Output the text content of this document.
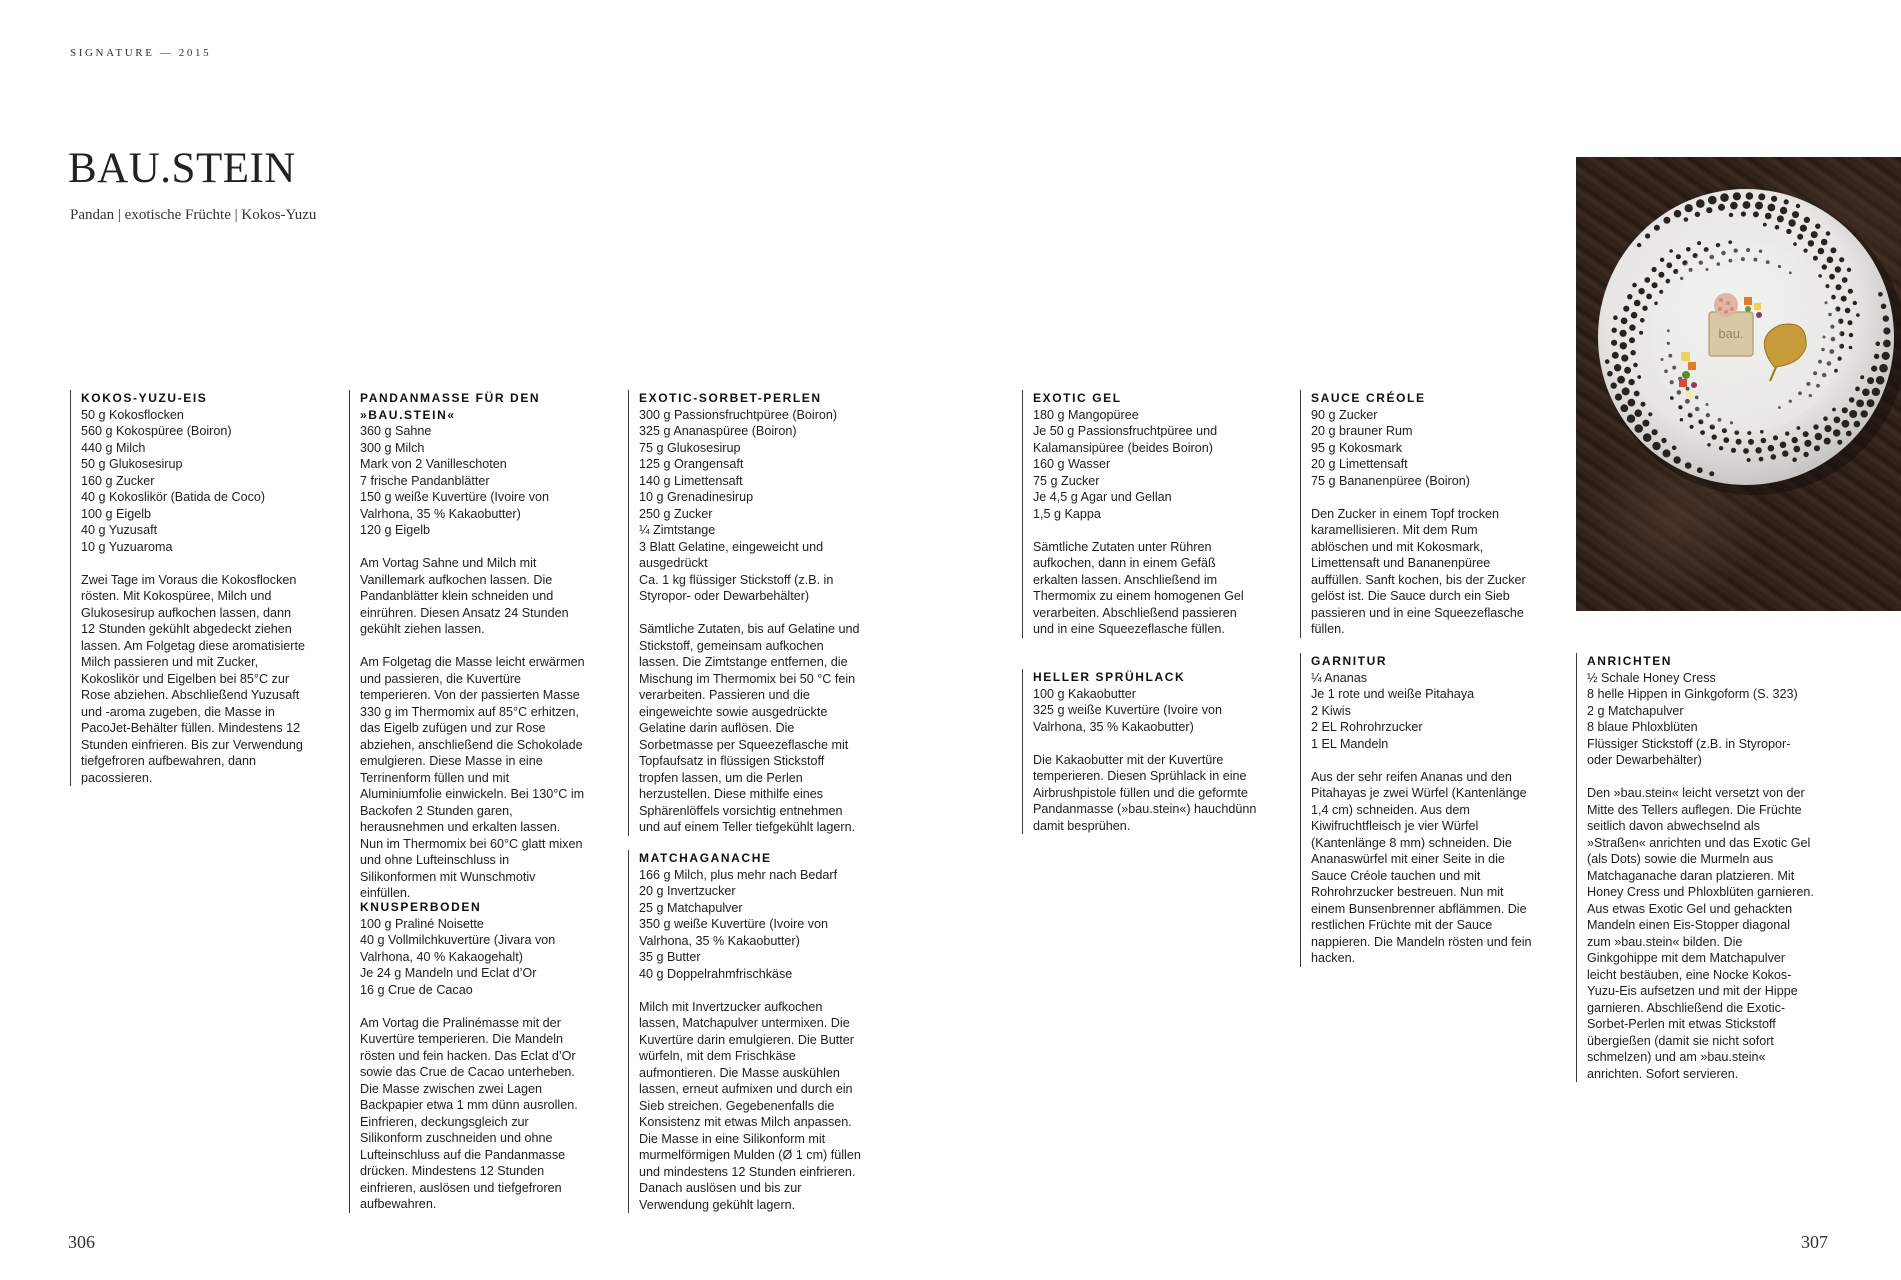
SIGNATURE — 2015
BAU.STEIN
Pandan | exotische Früchte | Kokos-Yuzu
KOKOS-YUZU-EIS
50 g Kokosflocken
560 g Kokospüree (Boiron)
440 g Milch
50 g Glukosesirup
160 g Zucker
40 g Kokoslikör (Batida de Coco)
100 g Eigelb
40 g Yuzusaft
10 g Yuzuaroma
Zwei Tage im Voraus die Kokosflocken rösten. Mit Kokospüree, Milch und Glukosesirup aufkochen lassen, dann 12 Stunden gekühlt abgedeckt ziehen lassen. Am Folgetag diese aromatisierte Milch passieren und mit Zucker, Kokoslikör und Eigelben bei 85°C zur Rose abziehen. Abschließend Yuzusaft und -aroma zugeben, die Masse in PacoJet-Behälter füllen. Mindestens 12 Stunden einfrieren. Bis zur Verwendung tiefgefroren aufbewahren, dann pacossieren.
PANDANMASSE FÜR DEN »BAU.STEIN«
360 g Sahne
300 g Milch
Mark von 2 Vanilleschoten
7 frische Pandanblätter
150 g weiße Kuvertüre (Ivoire von Valrhona, 35 % Kakaobutter)
120 g Eigelb
Am Vortag Sahne und Milch mit Vanillemark aufkochen lassen. Die Pandanblätter klein schneiden und einrühren. Diesen Ansatz 24 Stunden gekühlt ziehen lassen.
Am Folgetag die Masse leicht erwärmen und passieren, die Kuvertüre temperieren. Von der passierten Masse 330 g im Thermomix auf 85°C erhitzen, das Eigelb zufügen und zur Rose abziehen, anschließend die Schokolade emulgieren. Diese Masse in eine Terrinenform füllen und mit Aluminiumfolie einwickeln. Bei 130°C im Backofen 2 Stunden garen, herausnehmen und erkalten lassen. Nun im Thermomix bei 60°C glatt mixen und ohne Lufteinschluss in Silikonformen mit Wunschmotiv einfüllen.
KNUSPERBODEN
100 g Praliné Noisette
40 g Vollmilchkuvertüre (Jivara von Valrhona, 40 % Kakaogehalt)
Je 24 g Mandeln und Eclat d’Or
16 g Crue de Cacao
Am Vortag die Pralinémasse mit der Kuvertüre temperieren. Die Mandeln rösten und fein hacken. Das Eclat d’Or sowie das Crue de Cacao unterheben. Die Masse zwischen zwei Lagen Backpapier etwa 1 mm dünn ausrollen. Einfrieren, deckungsgleich zur Silikonform zuschneiden und ohne Lufteinschluss auf die Pandanmasse drücken. Mindestens 12 Stunden einfrieren, auslösen und tiefgefroren aufbewahren.
EXOTIC-SORBET-PERLEN
300 g Passionsfruchtpüree (Boiron)
325 g Ananaspüree (Boiron)
75 g Glukosesirup
125 g Orangensaft
140 g Limettensaft
10 g Grenadinesirup
250 g Zucker
¼ Zimtstange
3 Blatt Gelatine, eingeweicht und ausgedrückt
Ca. 1 kg flüssiger Stickstoff (z.B. in Styropor- oder Dewarbehälter)
Sämtliche Zutaten, bis auf Gelatine und Stickstoff, gemeinsam aufkochen lassen. Die Zimtstange entfernen, die Mischung im Thermomix bei 50 °C fein verarbeiten. Passieren und die eingeweichte sowie ausgedrückte Gelatine darin auflösen. Die Sorbetmasse per Squeezeflasche mit Topfaufsatz in flüssigen Stickstoff tropfen lassen, um die Perlen herzustellen. Diese mithilfe eines Sphärenlöffels vorsichtig entnehmen und auf einem Teller tiefgekühlt lagern.
MATCHAGANACHE
166 g Milch, plus mehr nach Bedarf
20 g Invertzucker
25 g Matchapulver
350 g weiße Kuvertüre (Ivoire von Valrhona, 35 % Kakaobutter)
35 g Butter
40 g Doppelrahmfrischkäse
Milch mit Invertzucker aufkochen lassen, Matchapulver untermixen. Die Kuvertüre darin emulgieren. Die Butter würfeln, mit dem Frischkäse aufmontieren. Die Masse auskühlen lassen, erneut aufmixen und durch ein Sieb streichen. Gegebenenfalls die Konsistenz mit etwas Milch anpassen. Die Masse in eine Silikonform mit murmelförmigen Mulden (Ø 1 cm) füllen und mindestens 12 Stunden einfrieren. Danach auslösen und bis zur Verwendung gekühlt lagern.
EXOTIC GEL
180 g Mangopüree
Je 50 g Passionsfruchtpüree und Kalamansipüree (beides Boiron)
160 g Wasser
75 g Zucker
Je 4,5 g Agar und Gellan
1,5 g Kappa
Sämtliche Zutaten unter Rühren aufkochen, dann in einem Gefäß erkalten lassen. Anschließend im Thermomix zu einem homogenen Gel verarbeiten. Abschließend passieren und in eine Squeezeflasche füllen.
HELLER SPRÜHLACK
100 g Kakaobutter
325 g weiße Kuvertüre (Ivoire von Valrhona, 35 % Kakaobutter)
Die Kakaobutter mit der Kuvertüre temperieren. Diesen Sprühlack in eine Airbrushpistole füllen und die geformte Pandanmasse (»bau.stein«) hauchdünn damit besprühen.
SAUCE CRÉOLE
90 g Zucker
20 g brauner Rum
95 g Kokosmark
20 g Limettensaft
75 g Bananenpüree (Boiron)
Den Zucker in einem Topf trocken karamellisieren. Mit dem Rum ablöschen und mit Kokosmark, Limettensaft und Bananenpüree auffüllen. Sanft kochen, bis der Zucker gelöst ist. Die Sauce durch ein Sieb passieren und in eine Squeezeflasche füllen.
GARNITUR
¼ Ananas
Je 1 rote und weiße Pitahaya
2 Kiwis
2 EL Rohrohrzucker
1 EL Mandeln
Aus der sehr reifen Ananas und den Pitahayas je zwei Würfel (Kantenlänge 1,4 cm) schneiden. Aus dem Kiwifruchtfleisch je vier Würfel (Kantenlänge 8 mm) schneiden. Die Ananaswürfel mit einer Seite in die Sauce Créole tauchen und mit Rohrohrzucker bestreuen. Nun mit einem Bunsenbrenner abflämmen. Die restlichen Früchte mit der Sauce nappieren. Die Mandeln rösten und fein hacken.
ANRICHTEN
½ Schale Honey Cress
8 helle Hippen in Ginkgoform (S. 323)
2 g Matchapulver
8 blaue Phloxblüten
Flüssiger Stickstoff (z.B. in Styropor- oder Dewarbehälter)
Den »bau.stein« leicht versetzt von der Mitte des Tellers auflegen. Die Früchte seitlich davon abwechselnd als »Straßen« anrichten und das Exotic Gel (als Dots) sowie die Murmeln aus Matchaganache daran platzieren. Mit Honey Cress und Phloxblüten garnieren. Aus etwas Exotic Gel und gehackten Mandeln einen Eis-Stopper diagonal zum »bau.stein« bilden. Die Ginkgohippe mit dem Matchapulver leicht bestäuben, eine Nocke Kokos-Yuzu-Eis aufsetzen und mit der Hippe garnieren. Abschließend die Exotic-Sorbet-Perlen mit etwas Stickstoff übergießen (damit sie nicht sofort schmelzen) und am »bau.stein« anrichten. Sofort servieren.
bau.
306	307
